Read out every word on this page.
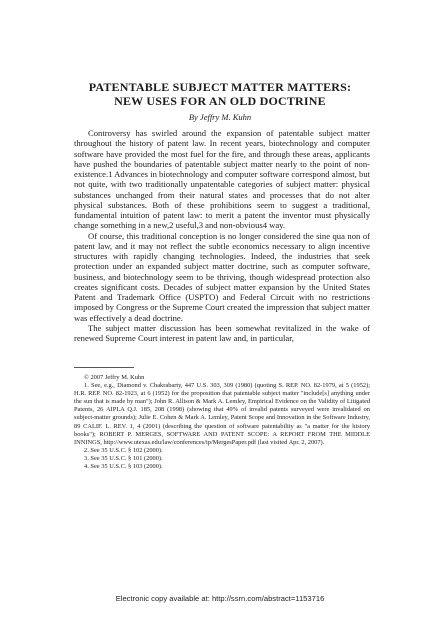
PATENTABLE SUBJECT MATTER MATTERS:
NEW USES FOR AN OLD DOCTRINE
By Jeffry M. Kuhn

Controversy has swirled around the expansion of patentable subject matter throughout the history of patent law. In recent years, biotechnology and computer software have provided the most fuel for the fire, and through these areas, applicants have pushed the boundaries of patentable subject matter nearly to the point of non-existence.1 Advances in biotechnology and computer software correspond almost, but not quite, with two traditionally unpatentable categories of subject matter: physical substances unchanged from their natural states and processes that do not alter physical substances. Both of these prohibitions seem to suggest a traditional, fundamental intuition of patent law: to merit a patent the inventor must physically change something in a new,2 useful,3 and non-obvious4 way.

Of course, this traditional conception is no longer considered the sine qua non of patent law, and it may not reflect the subtle economics necessary to align incentive structures with rapidly changing technologies. Indeed, the industries that seek protection under an expanded subject matter doctrine, such as computer software, business, and biotechnology seem to be thriving, though widespread protection also creates significant costs. Decades of subject matter expansion by the United States Patent and Trademark Office (USPTO) and Federal Circuit with no restrictions imposed by Congress or the Supreme Court created the impression that subject matter was effectively a dead doctrine.

The subject matter discussion has been somewhat revitalized in the wake of renewed Supreme Court interest in patent law and, in particular,

© 2007 Jeffry M. Kuhn

1. See, e.g., Diamond v. Chakrabarty, 447 U.S. 303, 309 (1980) (quoting S. REP. NO. 82-1979, at 5 (1952); H.R. REP. NO. 82-1923, at 6 (1952) for the proposition that patentable subject matter "include[s] anything under the sun that is made by man"); John R. Allison & Mark A. Lemley, Empirical Evidence on the Validity of Litigated Patents, 26 AIPLA Q.J. 185, 208 (1998) (showing that 49% of invalid patents surveyed were invalidated on subject-matter grounds); Julie E. Cohen & Mark A. Lemley, Patent Scope and Innovation in the Software Industry, 89 CALIF. L. REV. 1, 4 (2001) (describing the question of software patentability as "a matter for the history books"); ROBERT P. MERGES, SOFTWARE AND PATENT SCOPE: A REPORT FROM THE MIDDLE INNINGS, http://www.utexas.edu/law/conferences/ip/MergesPaper.pdf (last visited Apr. 2, 2007).

2. See 35 U.S.C. § 102 (2000).

3. See 35 U.S.C. § 101 (2000).

4. See 35 U.S.C. § 103 (2000).

Electronic copy available at: http://ssrn.com/abstract=1153716
